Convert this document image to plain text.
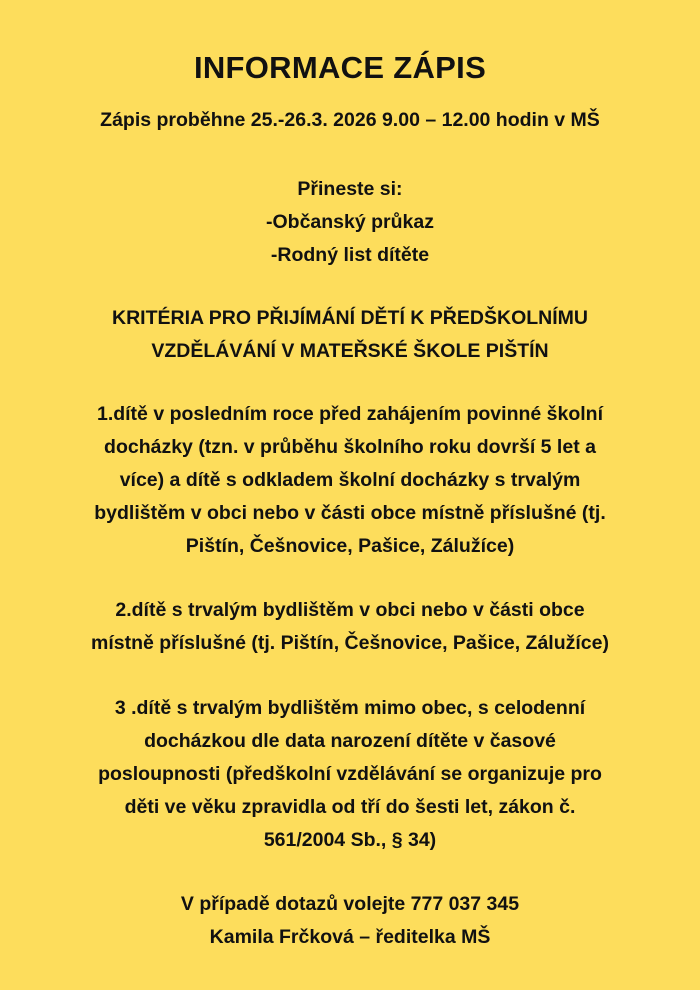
INFORMACE ZÁPIS
Zápis proběhne 25.-26.3. 2026 9.00 – 12.00 hodin v MŠ
Přineste si:
-Občanský průkaz
-Rodný list dítěte
KRITÉRIA PRO PŘIJÍMÁNÍ DĚTÍ K PŘEDŠKOLNÍMU
VZDĚLÁVÁNÍ V MATEŘSKÉ ŠKOLE PIŠTÍN
1.dítě v posledním roce před zahájením povinné školní
docházky (tzn. v průběhu školního roku dovrší 5 let a
více) a dítě s odkladem školní docházky s trvalým
bydlištěm v obci nebo v části obce místně příslušné (tj.
Pištín, Češnovice, Pašice, Zálužíce)
2.dítě s trvalým bydlištěm v obci nebo v části obce
místně příslušné (tj. Pištín, Češnovice, Pašice, Zálužíce)
3 .dítě s trvalým bydlištěm mimo obec, s celodenní
docházkou dle data narození dítěte v časové
posloupnosti (předškolní vzdělávání se organizuje pro
děti ve věku zpravidla od tří do šesti let, zákon č.
561/2004 Sb., § 34)
V případě dotazů volejte 777 037 345
Kamila Frčková – ředitelka MŠ
